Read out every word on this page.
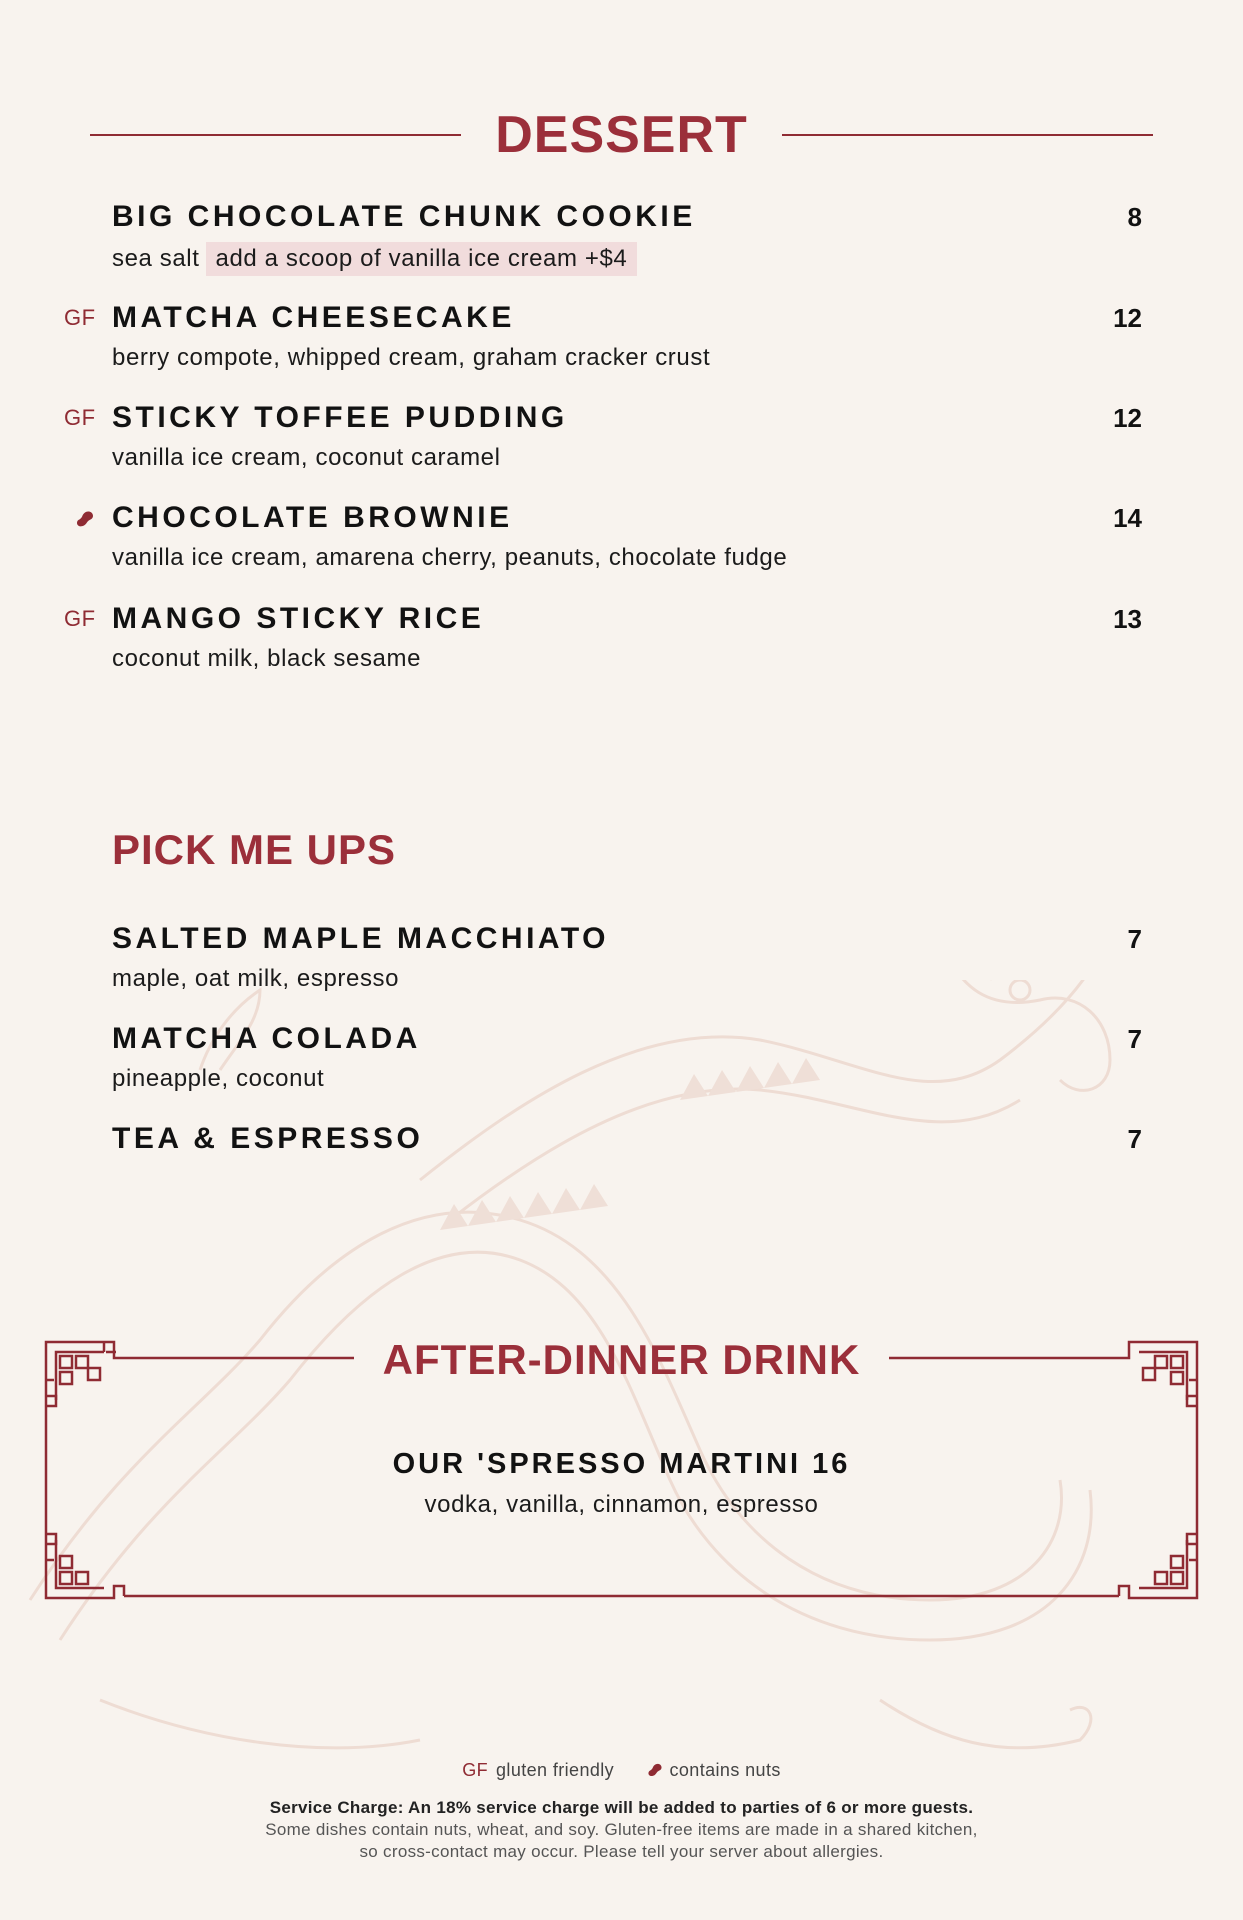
DESSERT
BIG CHOCOLATE CHUNK COOKIE
sea salt add a scoop of vanilla ice cream +$4
8
GF MATCHA CHEESECAKE
berry compote, whipped cream, graham cracker crust
12
GF STICKY TOFFEE PUDDING
vanilla ice cream, coconut caramel
12
CHOCOLATE BROWNIE
vanilla ice cream, amarena cherry, peanuts, chocolate fudge
14
GF MANGO STICKY RICE
coconut milk, black sesame
13
PICK ME UPS
SALTED MAPLE MACCHIATO
maple, oat milk, espresso
7
MATCHA COLADA
pineapple, coconut
7
TEA & ESPRESSO	7
AFTER-DINNER DRINK
OUR 'SPRESSO MARTINI 16
vodka, vanilla, cinnamon, espresso
GF gluten friendly	contains nuts
Service Charge: An 18% service charge will be added to parties of 6 or more guests.
Some dishes contain nuts, wheat, and soy. Gluten-free items are made in a shared kitchen,
so cross-contact may occur. Please tell your server about allergies.
